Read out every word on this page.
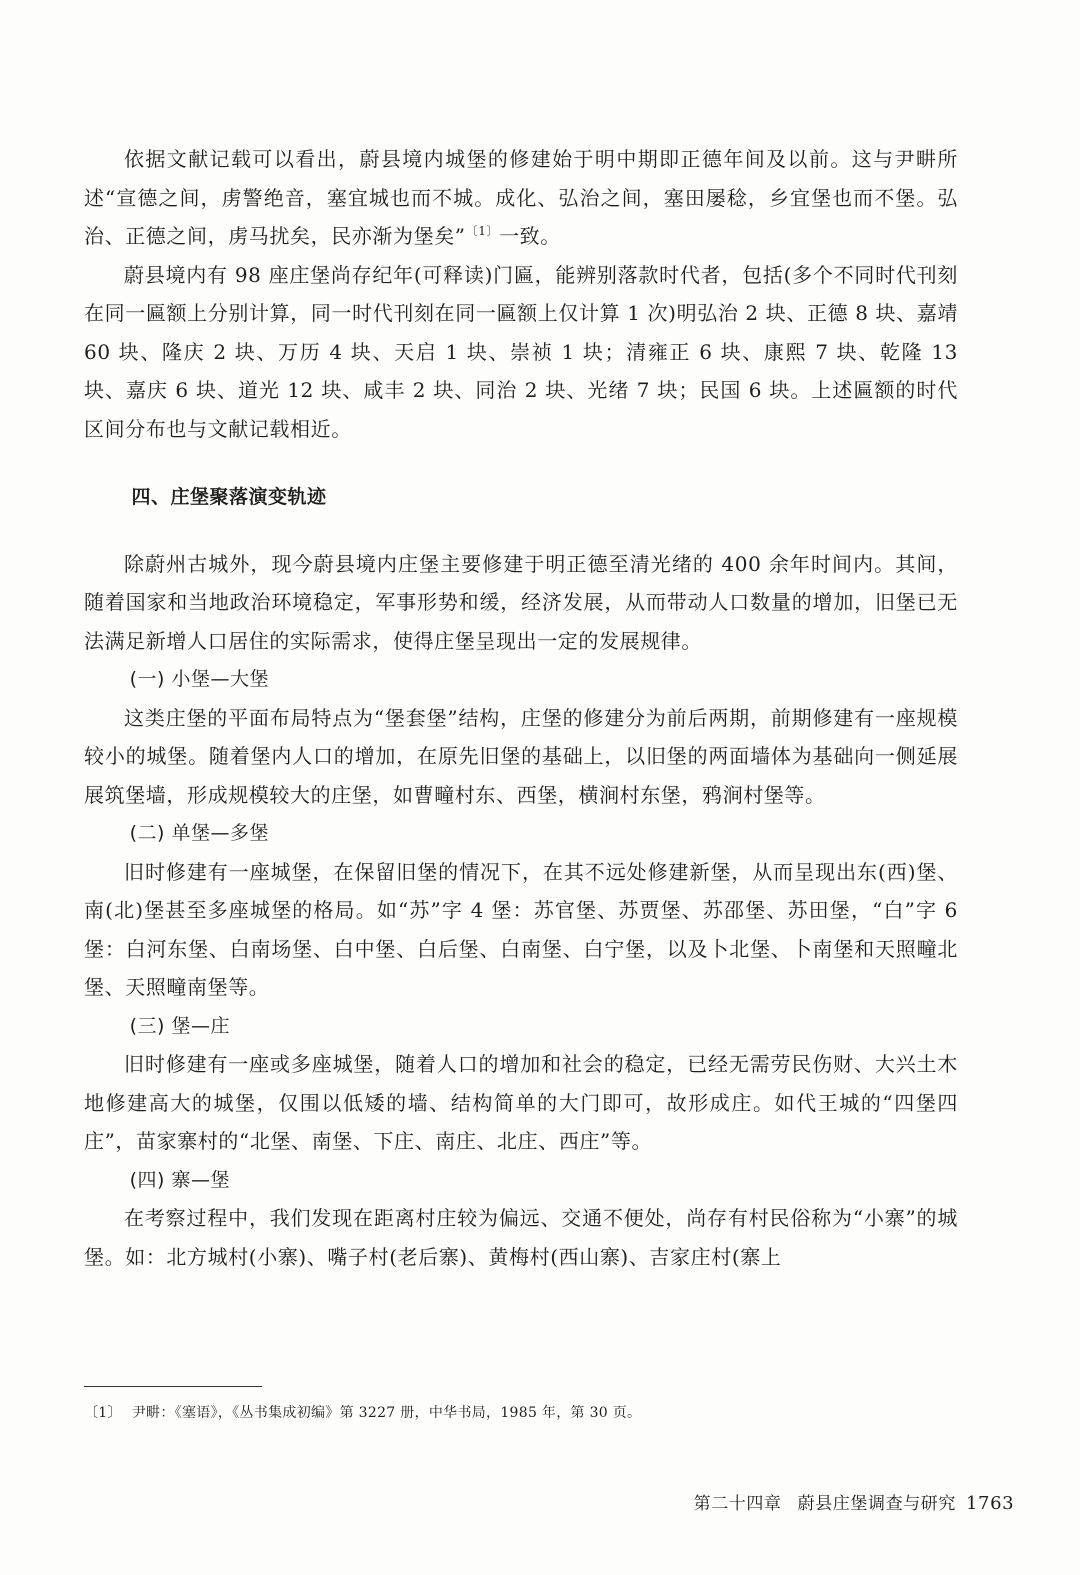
依据文献记载可以看出，蔚县境内城堡的修建始于明中期即正德年间及以前。这与尹畊所述“宣德之间，虏警绝音，塞宜城也而不城。成化、弘治之间，塞田屡稔，乡宜堡也而不堡。弘治、正德之间，虏马扰矣，民亦渐为堡矣”$^{〔1〕}$一致。

蔚县境内有 98 座庄堡尚存纪年(可释读)门匾，能辨别落款时代者，包括(多个不同时代刊刻在同一匾额上分别计算，同一时代刊刻在同一匾额上仅计算 1 次)明弘治 2 块、正德 8 块、嘉靖 60 块、隆庆 2 块、万历 4 块、天启 1 块、崇祯 1 块；清雍正 6 块、康熙 7 块、乾隆 13 块、嘉庆 6 块、道光 12 块、咸丰 2 块、同治 2 块、光绪 7 块；民国 6 块。上述匾额的时代区间分布也与文献记载相近。

四、庄堡聚落演变轨迹

除蔚州古城外，现今蔚县境内庄堡主要修建于明正德至清光绪的 400 余年时间内。其间，随着国家和当地政治环境稳定，军事形势和缓，经济发展，从而带动人口数量的增加，旧堡已无法满足新增人口居住的实际需求，使得庄堡呈现出一定的发展规律。

(一) 小堡—大堡

这类庄堡的平面布局特点为“堡套堡”结构，庄堡的修建分为前后两期，前期修建有一座规模较小的城堡。随着堡内人口的增加，在原先旧堡的基础上，以旧堡的两面墙体为基础向一侧延展展筑堡墙，形成规模较大的庄堡，如曹疃村东、西堡，横涧村东堡，鸦涧村堡等。

(二) 单堡—多堡

旧时修建有一座城堡，在保留旧堡的情况下，在其不远处修建新堡，从而呈现出东(西)堡、南(北)堡甚至多座城堡的格局。如“苏”字 4 堡：苏官堡、苏贾堡、苏邵堡、苏田堡，“白”字 6 堡：白河东堡、白南场堡、白中堡、白后堡、白南堡、白宁堡，以及卜北堡、卜南堡和天照疃北堡、天照疃南堡等。

(三) 堡—庄

旧时修建有一座或多座城堡，随着人口的增加和社会的稳定，已经无需劳民伤财、大兴土木地修建高大的城堡，仅围以低矮的墙、结构简单的大门即可，故形成庄。如代王城的“四堡四庄”，苗家寨村的“北堡、南堡、下庄、南庄、北庄、西庄”等。

(四) 寨—堡

在考察过程中，我们发现在距离村庄较为偏远、交通不便处，尚存有村民俗称为“小寨”的城堡。如：北方城村(小寨)、嘴子村(老后寨)、黄梅村(西山寨)、吉家庄村(寨上

〔1〕 尹畊：《塞语》，《丛书集成初编》第 3227 册，中华书局，1985 年，第 30 页。
第二十四章 蔚县庄堡调查与研究 1763
